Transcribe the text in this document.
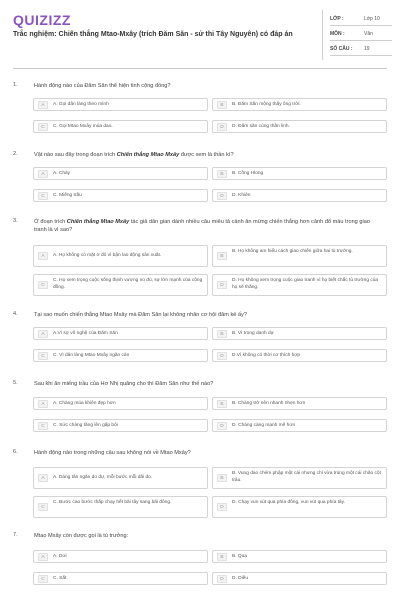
QUIZIZZ
Trắc nghiệm: Chiến thắng Mtao-Mxây (trích Đăm Săn - sử thi Tây Nguyên) có đáp án
LỚP :	Lớp 10
MÔN :	Văn
SỐ CÂU : 19
1.	Hành động nào của Đăm Săn thể hiện tinh cộng đồng?
A	A. Gọi dân làng theo mình	B	B. Đăm Săn mộng thấy ông trời.
C	C. Gọi Mtao Mxây múa dao.	D	D. Đăm săn cúng thần linh.
2.	Vật nào sau đây trong đoạn trích Chiến thắng Mtao Mxây được xem là thần kì?
A	A. Chày	B	B. Cồng Hlong
C	C. Miếng trầu	D	D. Khiên
3.	Ở đoạn trích Chiến thắng Mtao Mxây tác giả dân gian dành nhiều câu miêu tả cảnh ăn mừng chiến thắng hơn cảnh đổ máu trong giao tranh là vì sao?
A	A. Họ không có mặt ở đó vì bận lao động sản xuất.	B
B. Họ không am hiểu cách giao chiến giữa hai tù trưởng.
C
C. Họ xem trọng cuộc sống thịnh vượng no đủ, sự lớn mạnh của cộng đồng.	D
D. Họ không xem trọng cuộc giao tranh vì họ biết chắc tù trưởng của họ sẽ thắng.
4.	Tại sao muốn chiến thắng Mtao Mxây mà Đăm Săn lại không nhân cơ hội đâm kẻ ấy?
A	A.Vì sợ võ nghệ của Đăm Săn	B	B. Vì trọng danh dự
C	C. Vì dân làng Mtao Mxây ngăn cản	D	D.Vì không có thời cơ thích hợp
5.	Sau khi ăn miếng trầu của Hơ Nhị quăng cho thì Đăm Săn như thế nào?
A	A. Chàng múa khiên đẹp hơn	B	B. Chàng trở nên nhanh nhẹn hơn
C	C. Sức chàng tăng lên gấp bội	D	D. Chàng càng mạnh mẽ hơn
6.	Hành động nào trong những câu sau không nói về Mtao Mxây?
A	A. Dáng tấn ngăn do dự, mỗi bước mỗi dãi do.	B
B. Vung dao chém phập một cái nhưng chỉ vừa trúng một cái chão cột trâu.
C
C. Bước cao bước thấp chạy hết bãi tây sang bãi đông.
D
D. Chạy vun vút qua phía đông, vun vút qua phía tây.
7.	Mtao Mxây còn được gọi là tù trưởng:
A	A. Dơi	B	B. Quạ
C	C. Sắt	D	D. Diều
